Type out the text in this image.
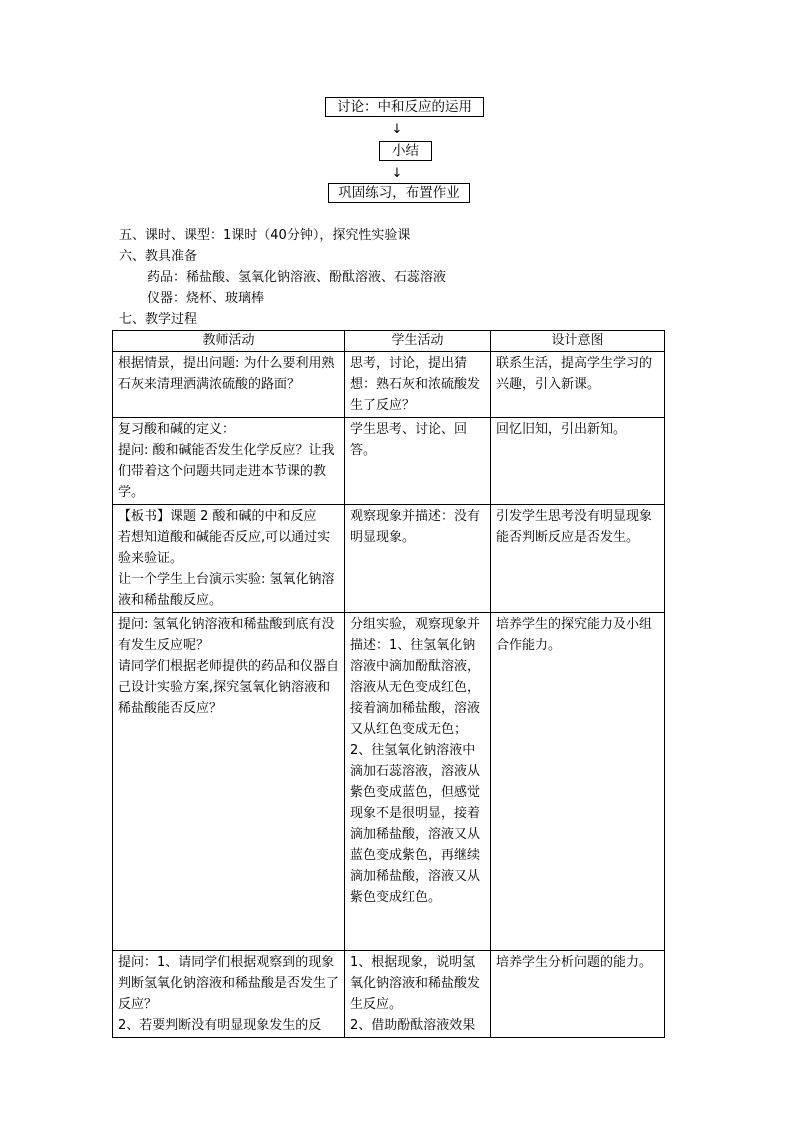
讨论：中和反应的运用
↓
小结
↓
巩固练习，布置作业
五、课时、课型：1课时（40分钟），探究性实验课
六、教具准备
药品：稀盐酸、氢氧化钠溶液、酚酞溶液、石蕊溶液
仪器：烧杯、玻璃棒
七、教学过程
教师活动	学生活动	设计意图

根据情景，提出问题: 为什么要利用熟石灰来清理洒满浓硫酸的路面？	思考，讨论，提出猜想：熟石灰和浓硫酸发生了反应？	联系生活，提高学生学习的兴趣，引入新课。

复习酸和碱的定义：
提问: 酸和碱能否发生化学反应？让我们带着这个问题共同走进本节课的教学。	学生思考、讨论、回答。	回忆旧知，引出新知。

【板书】课题 2 酸和碱的中和反应
若想知道酸和碱能否反应,可以通过实验来验证。
让一个学生上台演示实验: 氢氧化钠溶液和稀盐酸反应。	观察现象并描述：没有明显现象。	引发学生思考没有明显现象能否判断反应是否发生。

提问: 氢氧化钠溶液和稀盐酸到底有没有发生反应呢？
请同学们根据老师提供的药品和仪器自己设计实验方案,探究氢氧化钠溶液和稀盐酸能否反应？	分组实验，观察现象并描述：1、往氢氧化钠溶液中滴加酚酞溶液，溶液从无色变成红色，接着滴加稀盐酸，溶液又从红色变成无色；
2、往氢氧化钠溶液中滴加石蕊溶液，溶液从紫色变成蓝色，但感觉现象不是很明显，接着滴加稀盐酸，溶液又从蓝色变成紫色，再继续滴加稀盐酸，溶液又从紫色变成红色。	培养学生的探究能力及小组合作能力。

提问：1、请同学们根据观察到的现象判断氢氧化钠溶液和稀盐酸是否发生了反应？
2、若要判断没有明显现象发生的反	1、根据现象，说明氢氧化钠溶液和稀盐酸发生反应。
2、借助酚酞溶液效果	培养学生分析问题的能力。
